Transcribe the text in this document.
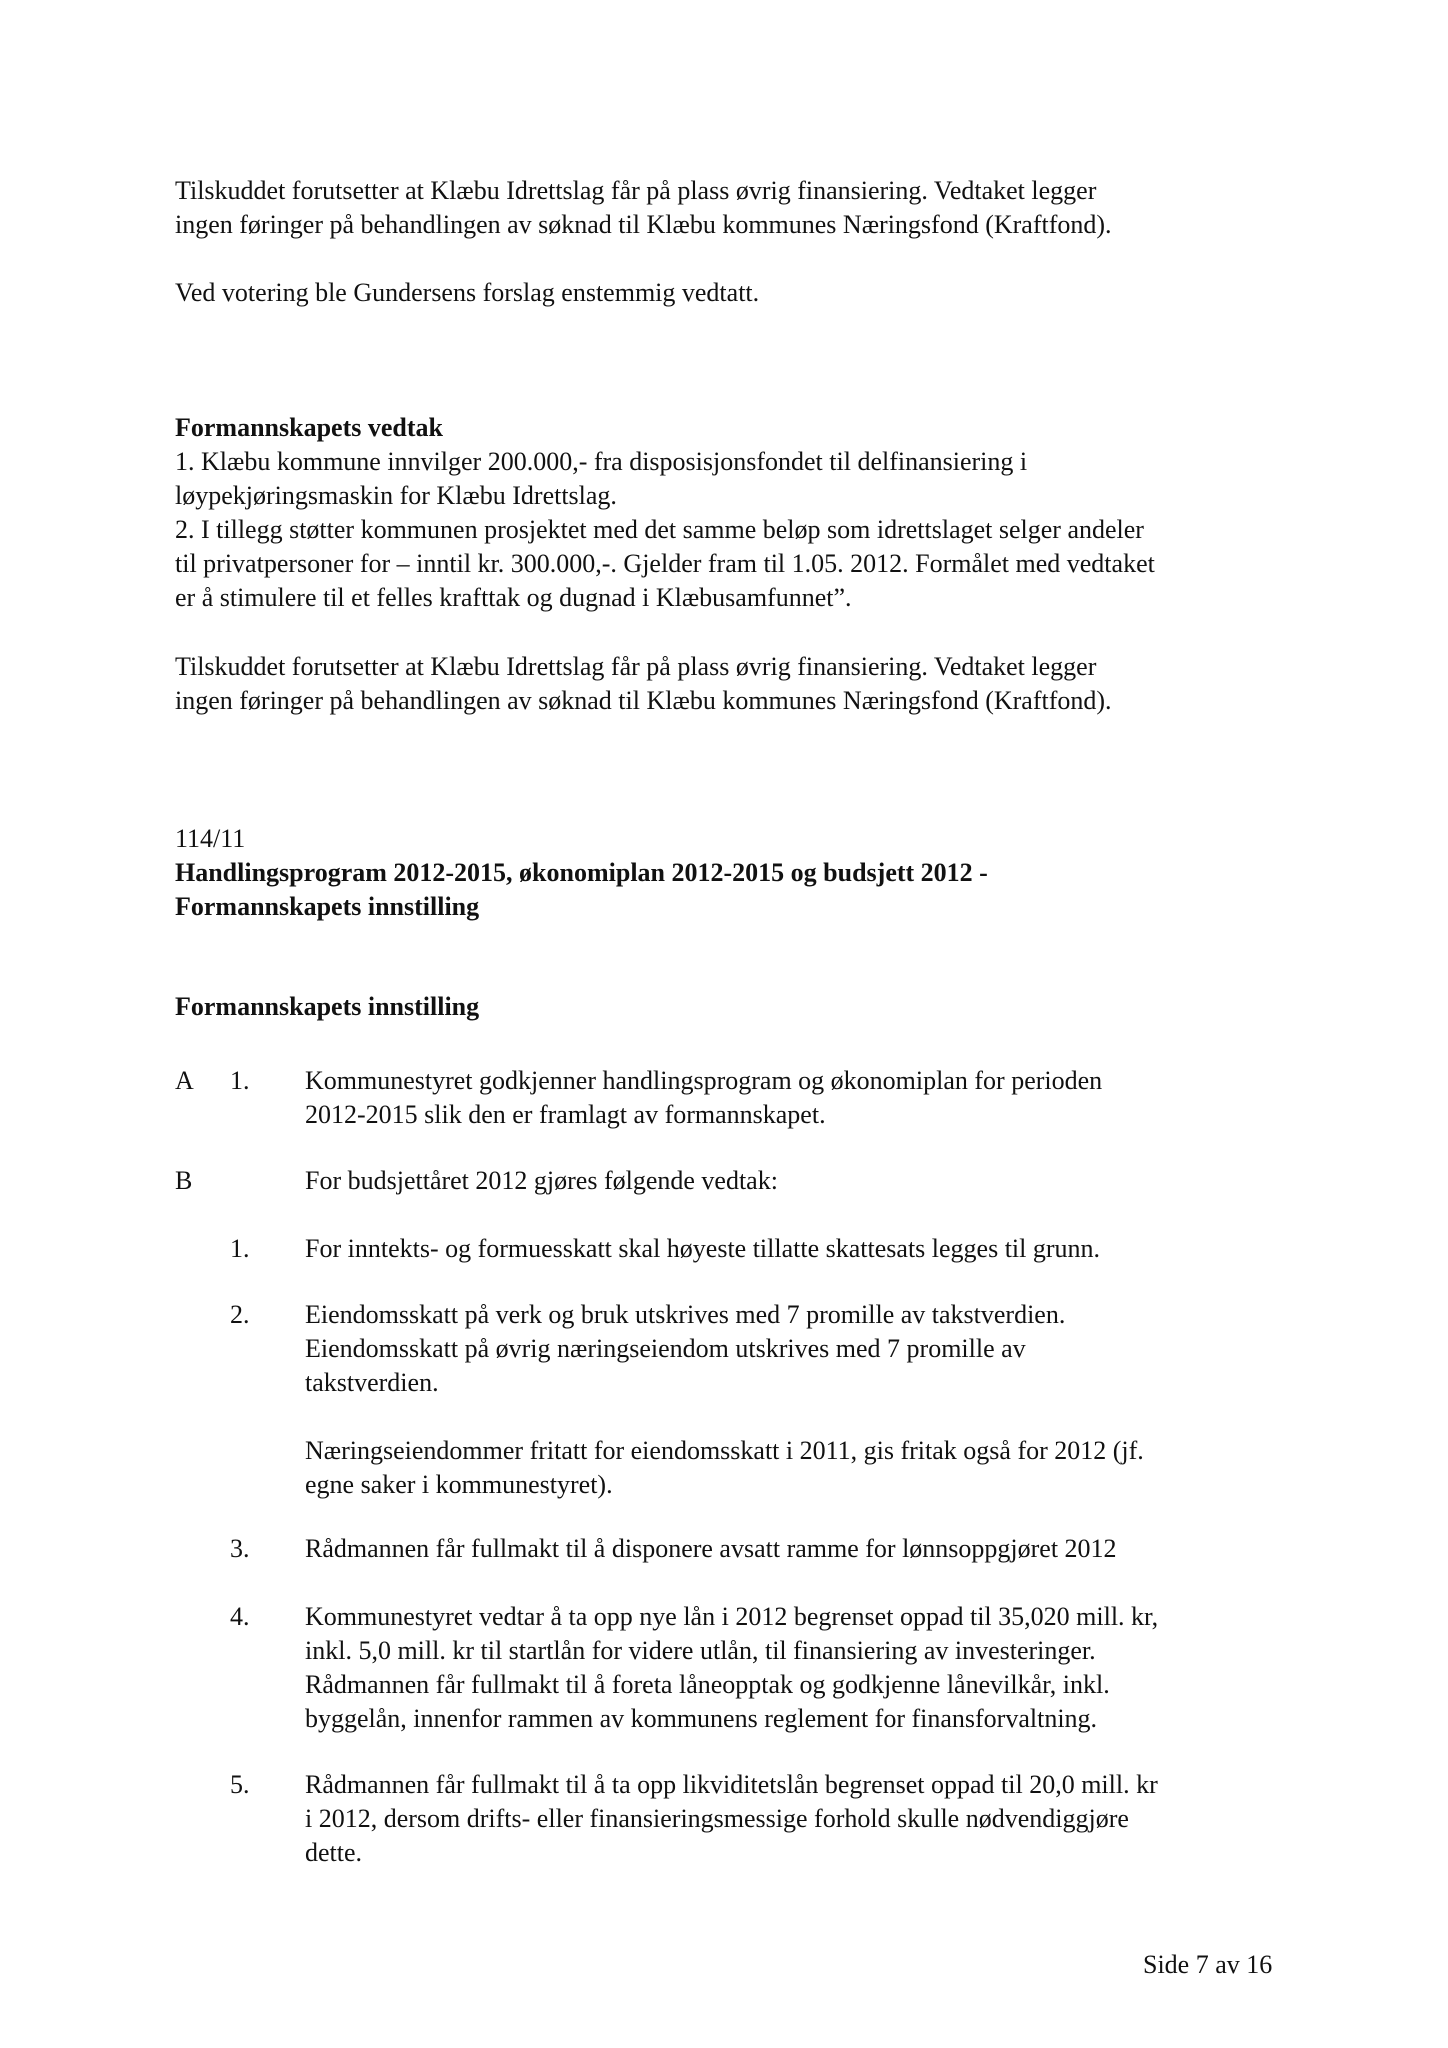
Tilskuddet forutsetter at Klæbu Idrettslag får på plass øvrig finansiering. Vedtaket legger

ingen føringer på behandlingen av søknad til Klæbu kommunes Næringsfond (Kraftfond).

Ved votering ble Gundersens forslag enstemmig vedtatt.

Formannskapets vedtak

1. Klæbu kommune innvilger 200.000,- fra disposisjonsfondet til delfinansiering i

løypekjøringsmaskin for Klæbu Idrettslag.

2. I tillegg støtter kommunen prosjektet med det samme beløp som idrettslaget selger andeler

til privatpersoner for – inntil kr. 300.000,-. Gjelder fram til 1.05. 2012. Formålet med vedtaket

er å stimulere til et felles krafttak og dugnad i Klæbusamfunnet”.

Tilskuddet forutsetter at Klæbu Idrettslag får på plass øvrig finansiering. Vedtaket legger

ingen føringer på behandlingen av søknad til Klæbu kommunes Næringsfond (Kraftfond).

114/11

Handlingsprogram 2012-2015, økonomiplan 2012-2015 og budsjett 2012 -

Formannskapets innstilling

Formannskapets innstilling

A 1. Kommunestyret godkjenner handlingsprogram og økonomiplan for perioden

2012-2015 slik den er framlagt av formannskapet.

B	For budsjettåret 2012 gjøres følgende vedtak:
1. For inntekts- og formuesskatt skal høyeste tillatte skattesats legges til grunn.

2. Eiendomsskatt på verk og bruk utskrives med 7 promille av takstverdien.

Eiendomsskatt på øvrig næringseiendom utskrives med 7 promille av

takstverdien.

Næringseiendommer fritatt for eiendomsskatt i 2011, gis fritak også for 2012 (jf.

egne saker i kommunestyret).

3. Rådmannen får fullmakt til å disponere avsatt ramme for lønnsoppgjøret 2012

4. Kommunestyret vedtar å ta opp nye lån i 2012 begrenset oppad til 35,020 mill. kr,

inkl. 5,0 mill. kr til startlån for videre utlån, til finansiering av investeringer.

Rådmannen får fullmakt til å foreta låneopptak og godkjenne lånevilkår, inkl.

byggelån, innenfor rammen av kommunens reglement for finansforvaltning.

5. Rådmannen får fullmakt til å ta opp likviditetslån begrenset oppad til 20,0 mill. kr

i 2012, dersom drifts- eller finansieringsmessige forhold skulle nødvendiggjøre

dette.

Side 7 av 16
